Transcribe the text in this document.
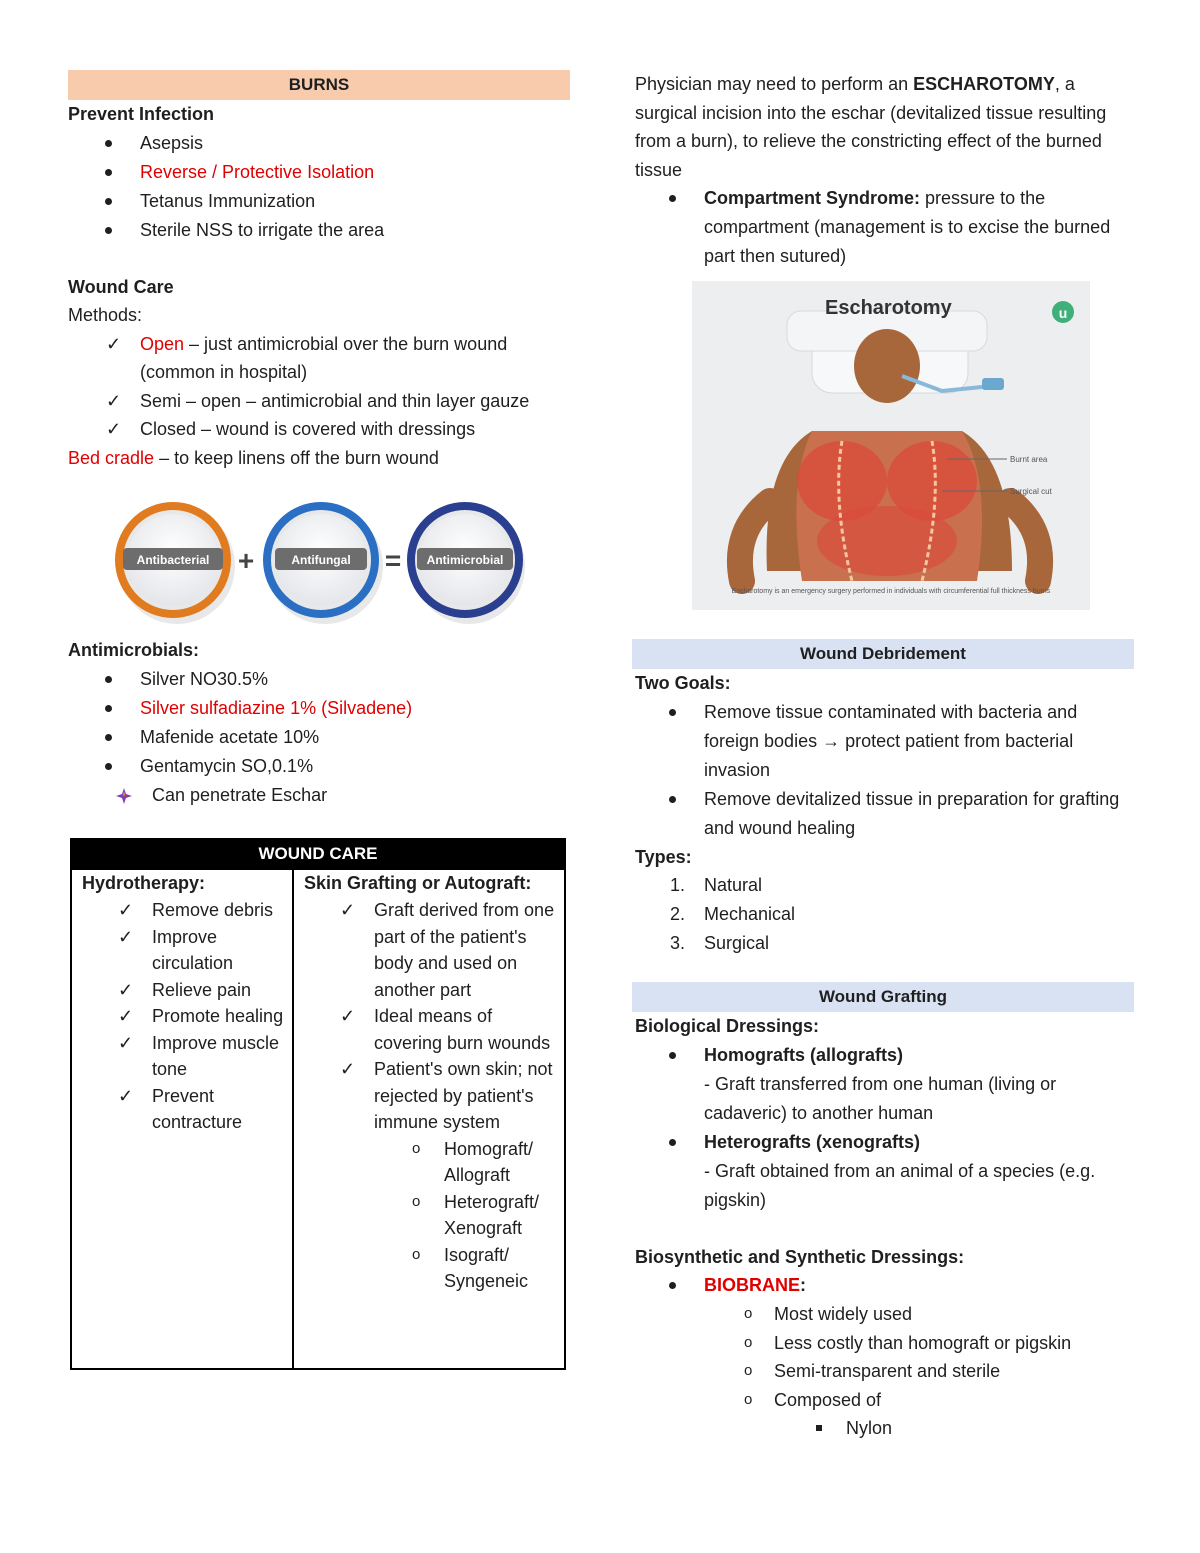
BURNS
Prevent Infection
Asepsis
Reverse / Protective Isolation
Tetanus Immunization
Sterile NSS to irrigate the area
Wound Care
Methods:
✓ Open – just antimicrobial over the burn wound (common in hospital)
✓ Semi – open – antimicrobial and thin layer gauze
✓ Closed – wound is covered with dressings
Bed cradle – to keep linens off the burn wound
Antibacterial +	Antifungal = Antimicrobial
Antimicrobials:
Silver NO30.5%
Silver sulfadiazine 1% (Silvadene)
Mafenide acetate 10%
Gentamycin SO,0.1%
Can penetrate Eschar
WOUND CARE

Hydrotherapy:
✓ Remove debris
✓ Improve circulation
✓ Relieve pain
✓ Promote healing
✓ Improve muscle tone
✓ Prevent contracture

Skin Grafting or Autograft:
✓ Graft derived from one part of the patient's body and used on another part
✓ Ideal means of covering burn wounds
✓ Patient's own skin; not rejected by patient's immune system
o Homograft/ Allograft
o Heterograft/ Xenograft
o Isograft/ Syngeneic
Physician may need to perform an ESCHAROTOMY, a surgical incision into the eschar (devitalized tissue resulting from a burn), to relieve the constricting effect of the burned tissue
Compartment Syndrome: pressure to the compartment (management is to excise the burned part then sutured)
Escharotomy	u
Burnt area
Surgical cut
Escharotomy is an emergency surgery performed in individuals with circumferential full thickness burns
Wound Debridement
Two Goals:
Remove tissue contaminated with bacteria and foreign bodies → protect patient from bacterial invasion
Remove devitalized tissue in preparation for grafting and wound healing
Types:
1. Natural
2. Mechanical
3. Surgical
Wound Grafting
Biological Dressings:
Homografts (allografts)
- Graft transferred from one human (living or cadaveric) to another human
Heterografts (xenografts)
- Graft obtained from an animal of a species (e.g. pigskin)
Biosynthetic and Synthetic Dressings:
BIOBRANE:
o Most widely used
o Less costly than homograft or pigskin
o Semi-transparent and sterile
o Composed of
Nylon
